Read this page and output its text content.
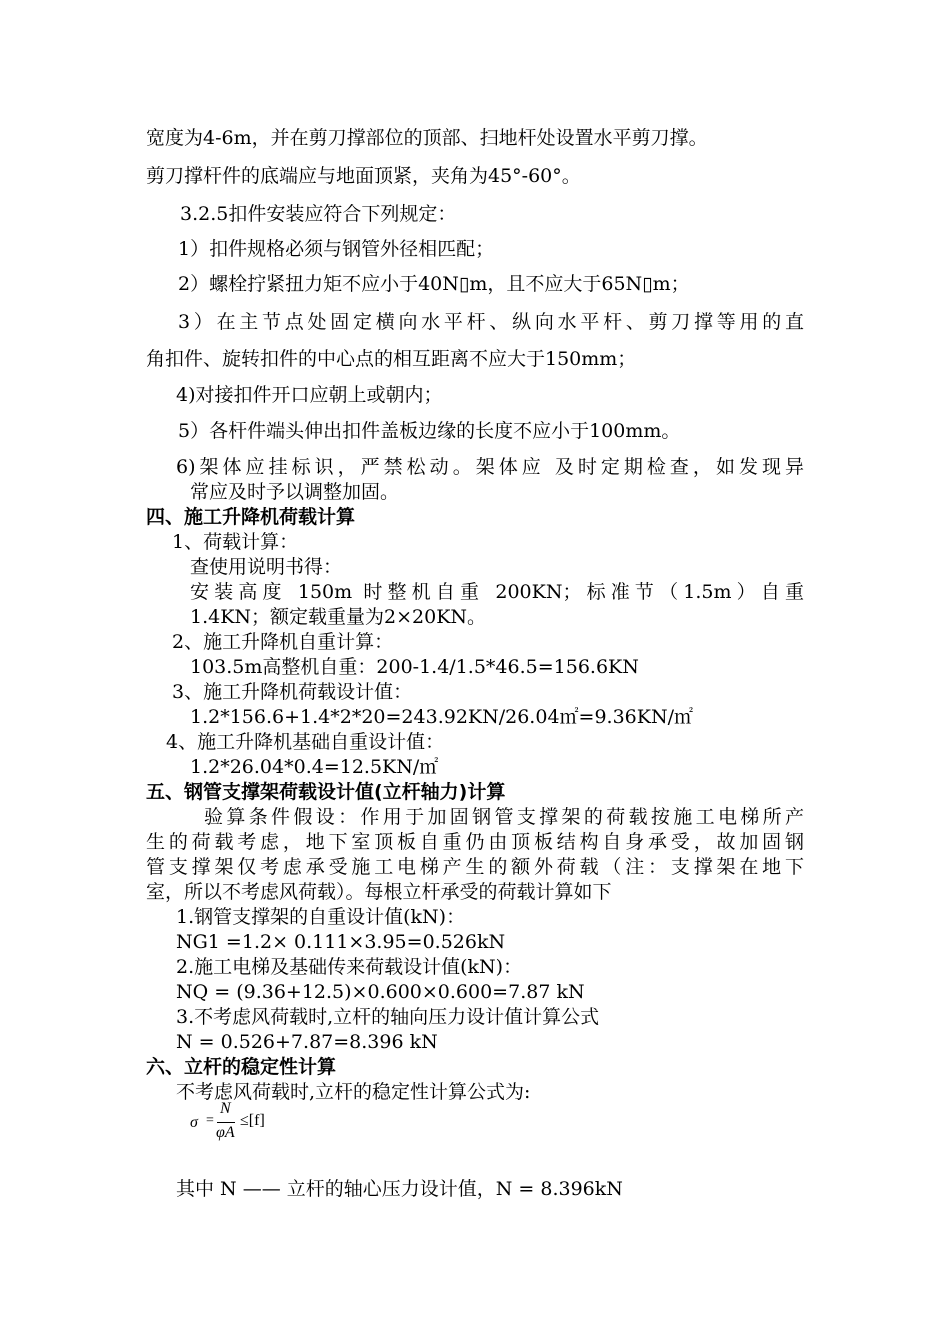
宽度为4-6m，并在剪刀撑部位的顶部、扫地杆处设置水平剪刀撑。
剪刀撑杆件的底端应与地面顶紧，夹角为45°-60°。
3.2.5扣件安装应符合下列规定：
1）扣件规格必须与钢管外径相匹配；
2）螺栓拧紧扭力矩不应小于40N▯m，且不应大于65N▯m；
3）在主节点处固定横向水平杆、纵向水平杆、剪刀撑等用的直
角扣件、旋转扣件的中心点的相互距离不应大于150mm；
4)对接扣件开口应朝上或朝内；
5）各杆件端头伸出扣件盖板边缘的长度不应小于100mm。
6)架体应挂标识，严禁松动。架体应 及时定期检查，如发现异
常应及时予以调整加固。
四、施工升降机荷载计算
1、荷载计算：
查使用说明书得：
安装高度 150m 时整机自重 200KN；标准节（1.5m）自重
1.4KN；额定载重量为2×20KN。
2、施工升降机自重计算：
103.5m高整机自重：200-1.4/1.5*46.5=156.6KN
3、施工升降机荷载设计值：
1.2*156.6+1.4*2*20=243.92KN/26.04㎡=9.36KN/㎡
4、施工升降机基础自重设计值：
1.2*26.04*0.4=12.5KN/㎡
五、钢管支撑架荷载设计值(立杆轴力)计算
验算条件假设：作用于加固钢管支撑架的荷载按施工电梯所产
生的荷载考虑，地下室顶板自重仍由顶板结构自身承受，故加固钢
管支撑架仅考虑承受施工电梯产生的额外荷载（注：支撑架在地下
室，所以不考虑风荷载）。每根立杆承受的荷载计算如下
1.钢管支撑架的自重设计值(kN)：
NG1 =1.2× 0.111×3.95=0.526kN
2.施工电梯及基础传来荷载设计值(kN)：
NQ = (9.36+12.5)×0.600×0.600=7.87 kN
3.不考虑风荷载时,立杆的轴向压力设计值计算公式
N = 0.526+7.87=8.396 kN
六、立杆的稳定性计算
不考虑风荷载时,立杆的稳定性计算公式为:
σ =
N
φA
≤[f]
其中 N —— 立杆的轴心压力设计值，N = 8.396kN
